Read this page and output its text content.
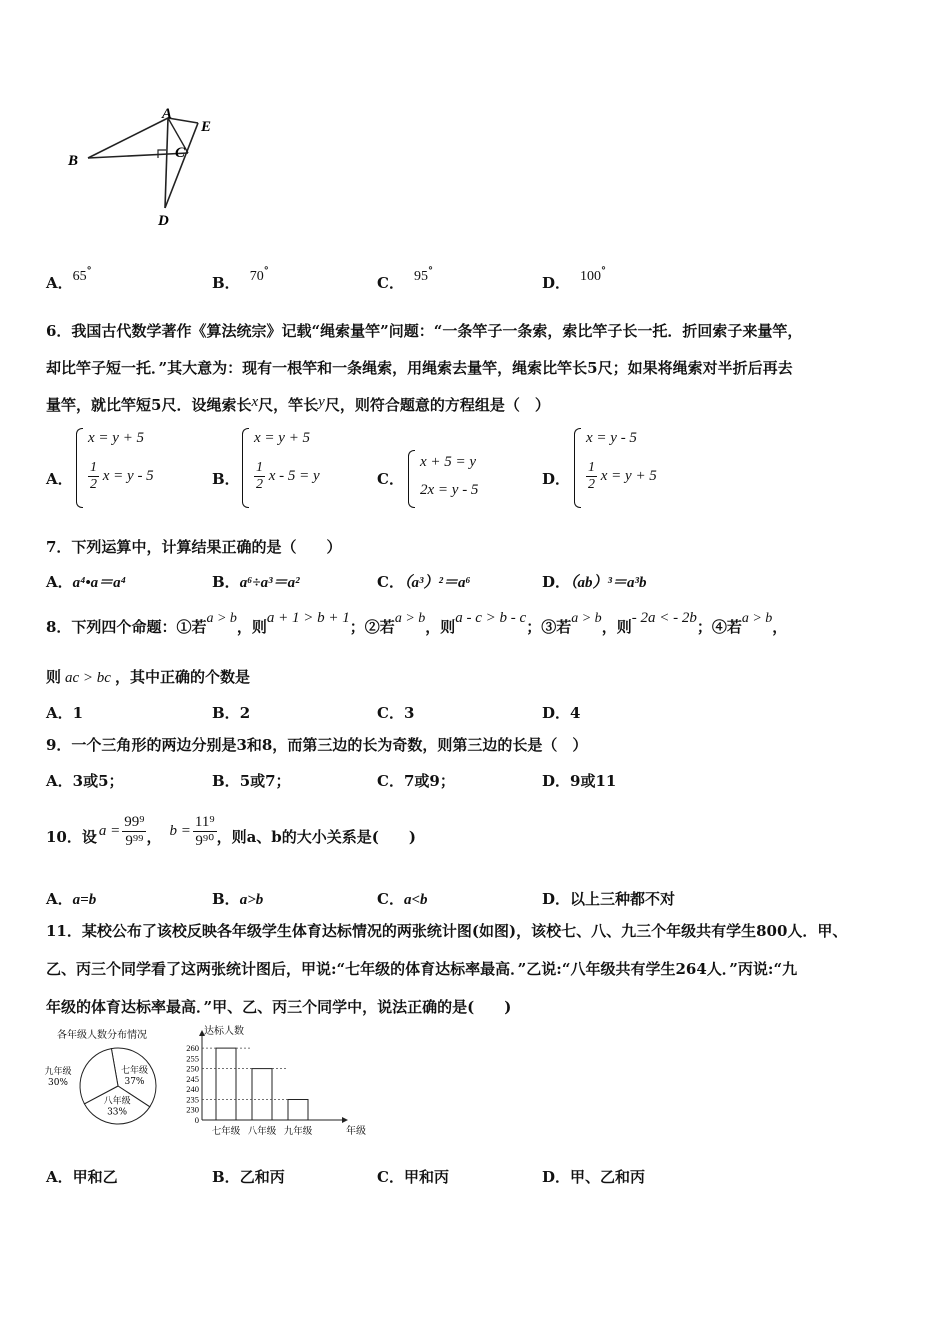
A
E
B	C
D
A．65°
B． 70°
C． 95°
D． 100°
6．我国古代数学著作《算法统宗》记载“绳索量竿”问题：“一条竿子一条索，索比竿子长一托．折回索子来量竿，
却比竿子短一托．”其大意为：现有一根竿和一条绳索，用绳索去量竿，绳索比竿长5尺；如果将绳索对半折后再去
量竿，就比竿短5尺．设绳索长x尺，竿长y尺，则符合题意的方程组是（　）
A．
x = y + 5
$\frac{1}{2}$ x = y - 5	B．
x = y + 5
$\frac{1}{2}$ x - 5 = y	C．
x + 5 = y
2x = y - 5
D．
x = y - 5
$\frac{1}{2}$ x = y + 5
7．下列运算中，计算结果正确的是（　　）
A．a⁴•a＝a⁴	B．a⁶÷a³＝a²	C．（a³）²＝a⁶	D．（ab）³＝a³b
8．下列四个命题：①若a > b，则a + 1 > b + 1；②若a > b，则a - c > b - c；③若a > b，则- 2a < - 2b；④若a > b，
则 ac > bc ，其中正确的个数是
A．1	B．2	C．3	D．4
9．一个三角形的两边分别是3和8，而第三边的长为奇数，则第三边的长是（　）
A．3或5；	B．5或7；	C．7或9；	D．9或11
10．设 $a = \frac{\text{99⁹}}{\text{9⁹⁹}}$ ， $b = \frac{\text{11⁹}}{\text{9⁹⁰}}$ ，则a、b的大小关系是(　　)
A．a=b	B．a>b	C．a<b	D．以上三种都不对
11．某校公布了该校反映各年级学生体育达标情况的两张统计图(如图)，该校七、八、九三个年级共有学生800人．甲、
乙、丙三个同学看了这两张统计图后，甲说:“七年级的体育达标率最高．”乙说:“八年级共有学生264人．”丙说:“九
年级的体育达标率最高．”甲、乙、丙三个同学中，说法正确的是(　　)
各年级人数分布情况
七年级
37%
八年级
33%
九年级
30%
达标人数
年级
0
230
235
240
245
250
255
260
七年级 八年级 九年级
A．甲和乙	B．乙和丙	C．甲和丙	D．甲、乙和丙
